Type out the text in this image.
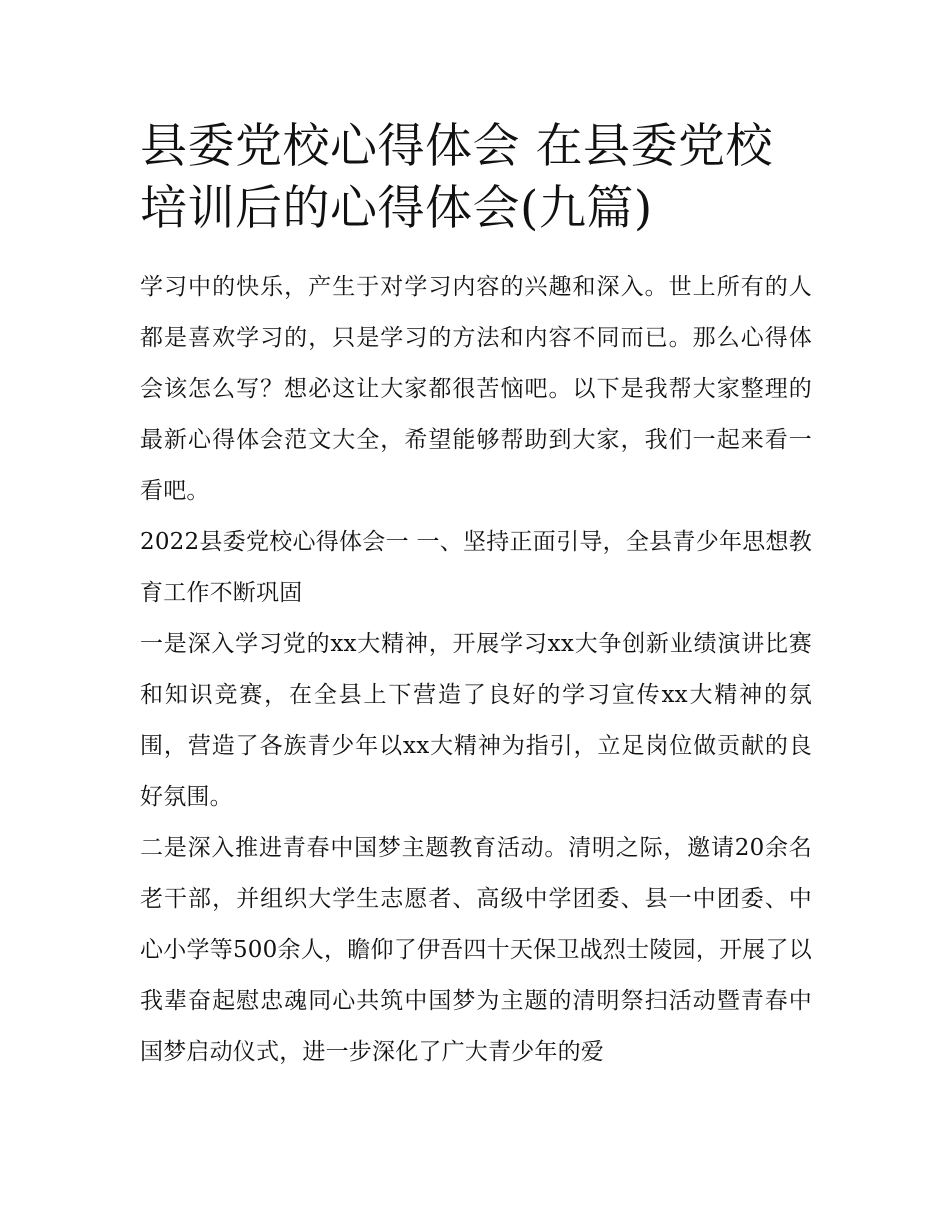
县委党校心得体会 在县委党校培训后的心得体会(九篇)

学习中的快乐，产生于对学习内容的兴趣和深入。世上所有的人都是喜欢学习的，只是学习的方法和内容不同而已。那么心得体会该怎么写？想必这让大家都很苦恼吧。以下是我帮大家整理的最新心得体会范文大全，希望能够帮助到大家，我们一起来看一看吧。

2022县委党校心得体会一 一、坚持正面引导，全县青少年思想教育工作不断巩固

一是深入学习党的xx大精神，开展学习xx大争创新业绩演讲比赛和知识竞赛，在全县上下营造了良好的学习宣传xx大精神的氛围，营造了各族青少年以xx大精神为指引，立足岗位做贡献的良好氛围。

二是深入推进青春中国梦主题教育活动。清明之际，邀请20余名老干部，并组织大学生志愿者、高级中学团委、县一中团委、中心小学等500余人，瞻仰了伊吾四十天保卫战烈士陵园，开展了以我辈奋起慰忠魂同心共筑中国梦为主题的清明祭扫活动暨青春中国梦启动仪式，进一步深化了广大青少年的爱
